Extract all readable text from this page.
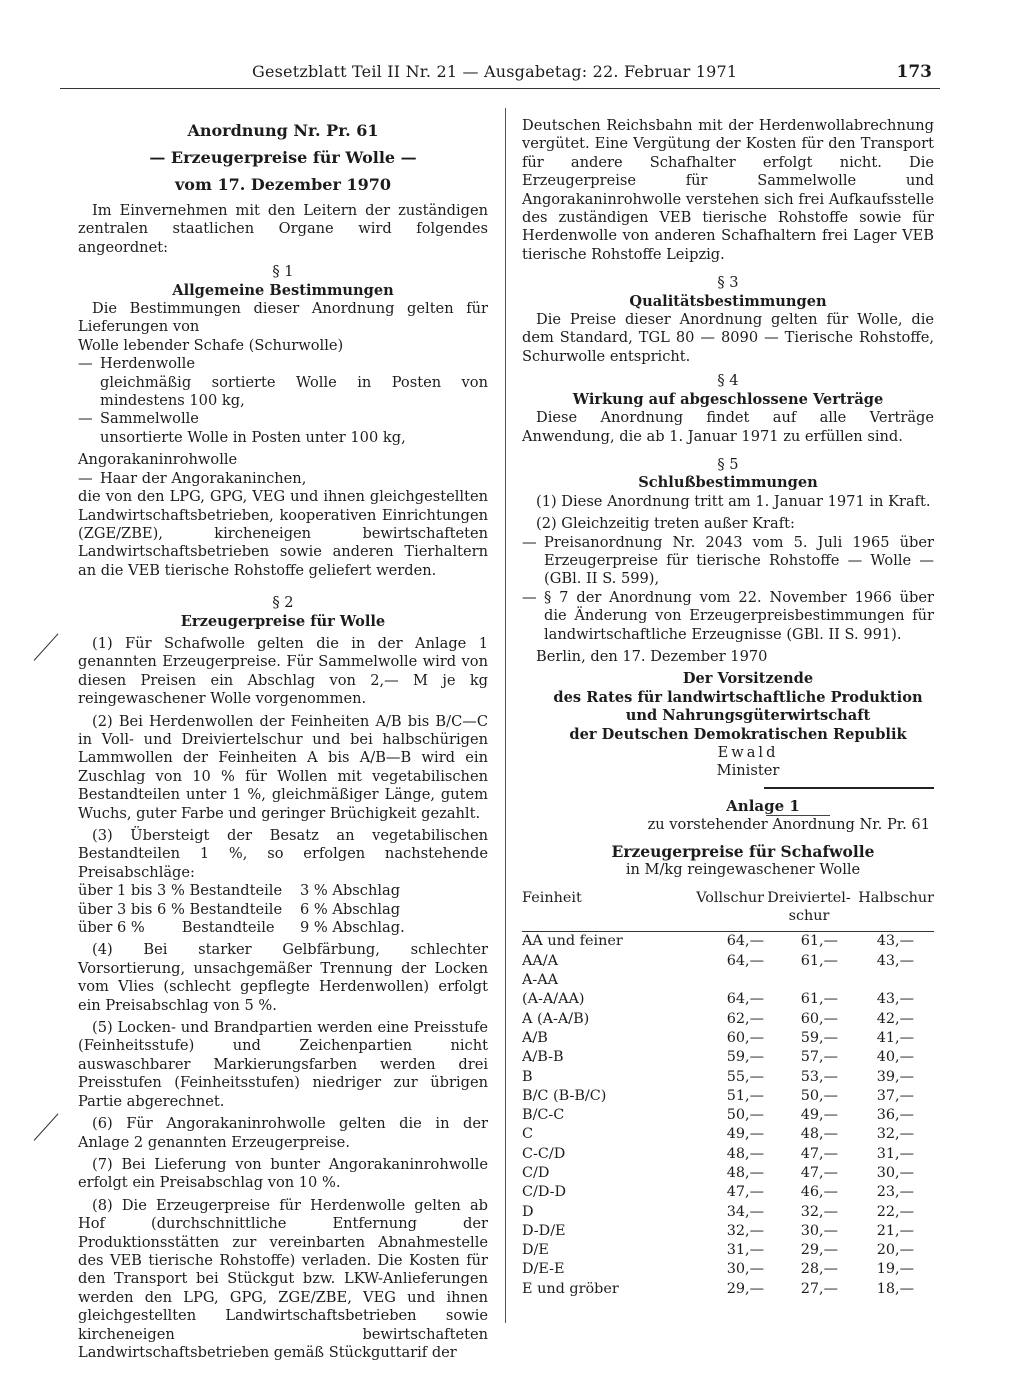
Gesetzblatt Teil II Nr. 21 — Ausgabetag: 22. Februar 1971	173
Anordnung Nr. Pr. 61
— Erzeugerpreise für Wolle —
vom 17. Dezember 1970

Im Einvernehmen mit den Leitern der zuständigen zentralen staatlichen Organe wird folgendes angeordnet:

§ 1
Allgemeine Bestimmungen

Die Bestimmungen dieser Anordnung gelten für Lieferungen von

Wolle lebender Schafe (Schurwolle)

— Herdenwolle

gleichmäßig sortierte Wolle in Posten von mindestens 100 kg,

— Sammelwolle

unsortierte Wolle in Posten unter 100 kg,

Angorakaninrohwolle

— Haar der Angorakaninchen,

die von den LPG, GPG, VEG und ihnen gleichgestellten Landwirtschaftsbetrieben, kooperativen Einrichtungen (ZGE/ZBE), kircheneigen bewirtschafteten Landwirtschaftsbetrieben sowie anderen Tierhaltern an die VEB tierische Rohstoffe geliefert werden.

§ 2
Erzeugerpreise für Wolle

(1) Für Schafwolle gelten die in der Anlage 1 genannten Erzeugerpreise. Für Sammelwolle wird von diesen Preisen ein Abschlag von 2,— M je kg reingewaschener Wolle vorgenommen.

(2) Bei Herdenwollen der Feinheiten A/B bis B/C—C in Voll- und Dreiviertelschur und bei halbschürigen Lammwollen der Feinheiten A bis A/B—B wird ein Zuschlag von 10 % für Wollen mit vegetabilischen Bestandteilen unter 1 %, gleichmäßiger Länge, gutem Wuchs, guter Farbe und geringer Brüchigkeit gezahlt.

(3) Übersteigt der Besatz an vegetabilischen Bestandteilen 1 %, so erfolgen nachstehende Preisabschläge:

über 1 bis 3 % Bestandteile	3 % Abschlag
über 3 bis 6 % Bestandteile	6 % Abschlag
über 6 %        Bestandteile	9 % Abschlag.

(4) Bei starker Gelbfärbung, schlechter Vorsortierung, unsachgemäßer Trennung der Locken vom Vlies (schlecht gepflegte Herdenwollen) erfolgt ein Preisabschlag von 5 %.

(5) Locken- und Brandpartien werden eine Preisstufe (Feinheitsstufe) und Zeichenpartien nicht auswaschbarer Markierungsfarben werden drei Preisstufen (Feinheitsstufen) niedriger zur übrigen Partie abgerechnet.

(6) Für Angorakaninrohwolle gelten die in der Anlage 2 genannten Erzeugerpreise.

(7) Bei Lieferung von bunter Angorakaninrohwolle erfolgt ein Preisabschlag von 10 %.

(8) Die Erzeugerpreise für Herdenwolle gelten ab Hof (durchschnittliche Entfernung der Produktionsstätten zur vereinbarten Abnahmestelle des VEB tierische Rohstoffe) verladen. Die Kosten für den Transport bei Stückgut bzw. LKW-Anlieferungen werden den LPG, GPG, ZGE/ZBE, VEG und ihnen gleichgestellten Landwirtschaftsbetrieben sowie kircheneigen bewirtschafteten Landwirtschaftsbetrieben gemäß Stückguttarif der

Deutschen Reichsbahn mit der Herdenwollabrechnung vergütet. Eine Vergütung der Kosten für den Transport für andere Schafhalter erfolgt nicht. Die Erzeugerpreise für Sammelwolle und Angorakaninrohwolle verstehen sich frei Aufkaufsstelle des zuständigen VEB tierische Rohstoffe sowie für Herdenwolle von anderen Schafhaltern frei Lager VEB tierische Rohstoffe Leipzig.

§ 3
Qualitätsbestimmungen

Die Preise dieser Anordnung gelten für Wolle, die dem Standard, TGL 80 — 8090 — Tierische Rohstoffe, Schurwolle entspricht.

§ 4
Wirkung auf abgeschlossene Verträge

Diese Anordnung findet auf alle Verträge Anwendung, die ab 1. Januar 1971 zu erfüllen sind.

§ 5
Schlußbestimmungen

(1) Diese Anordnung tritt am 1. Januar 1971 in Kraft.

(2) Gleichzeitig treten außer Kraft:

— Preisanordnung Nr. 2043 vom 5. Juli 1965 über Erzeugerpreise für tierische Rohstoffe — Wolle — (GBl. II S. 599),
— § 7 der Anordnung vom 22. November 1966 über die Änderung von Erzeugerpreisbestimmungen für landwirtschaftliche Erzeugnisse (GBl. II S. 991).

Berlin, den 17. Dezember 1970

Der Vorsitzende
des Rates für landwirtschaftliche Produktion
und Nahrungsgüterwirtschaft
der Deutschen Demokratischen Republik
Ewald
Minister
Anlage 1
zu vorstehender Anordnung Nr. Pr. 61
Erzeugerpreise für Schafwolle
in M/kg reingewaschener Wolle
Feinheit	Vollschur	Dreiviertel-schur	Halbschur
AA und feiner	64,—	61,—	43,—
AA/A	64,—	61,—	43,—
A-AA			
(A-A/AA)	64,—	61,—	43,—
A (A-A/B)	62,—	60,—	42,—
A/B	60,—	59,—	41,—
A/B-B	59,—	57,—	40,—
B	55,—	53,—	39,—
B/C (B-B/C)	51,—	50,—	37,—
B/C-C	50,—	49,—	36,—
C	49,—	48,—	32,—
C-C/D	48,—	47,—	31,—
C/D	48,—	47,—	30,—
C/D-D	47,—	46,—	23,—
D	34,—	32,—	22,—
D-D/E	32,—	30,—	21,—
D/E	31,—	29,—	20,—
D/E-E	30,—	28,—	19,—
E und gröber	29,—	27,—	18,—
